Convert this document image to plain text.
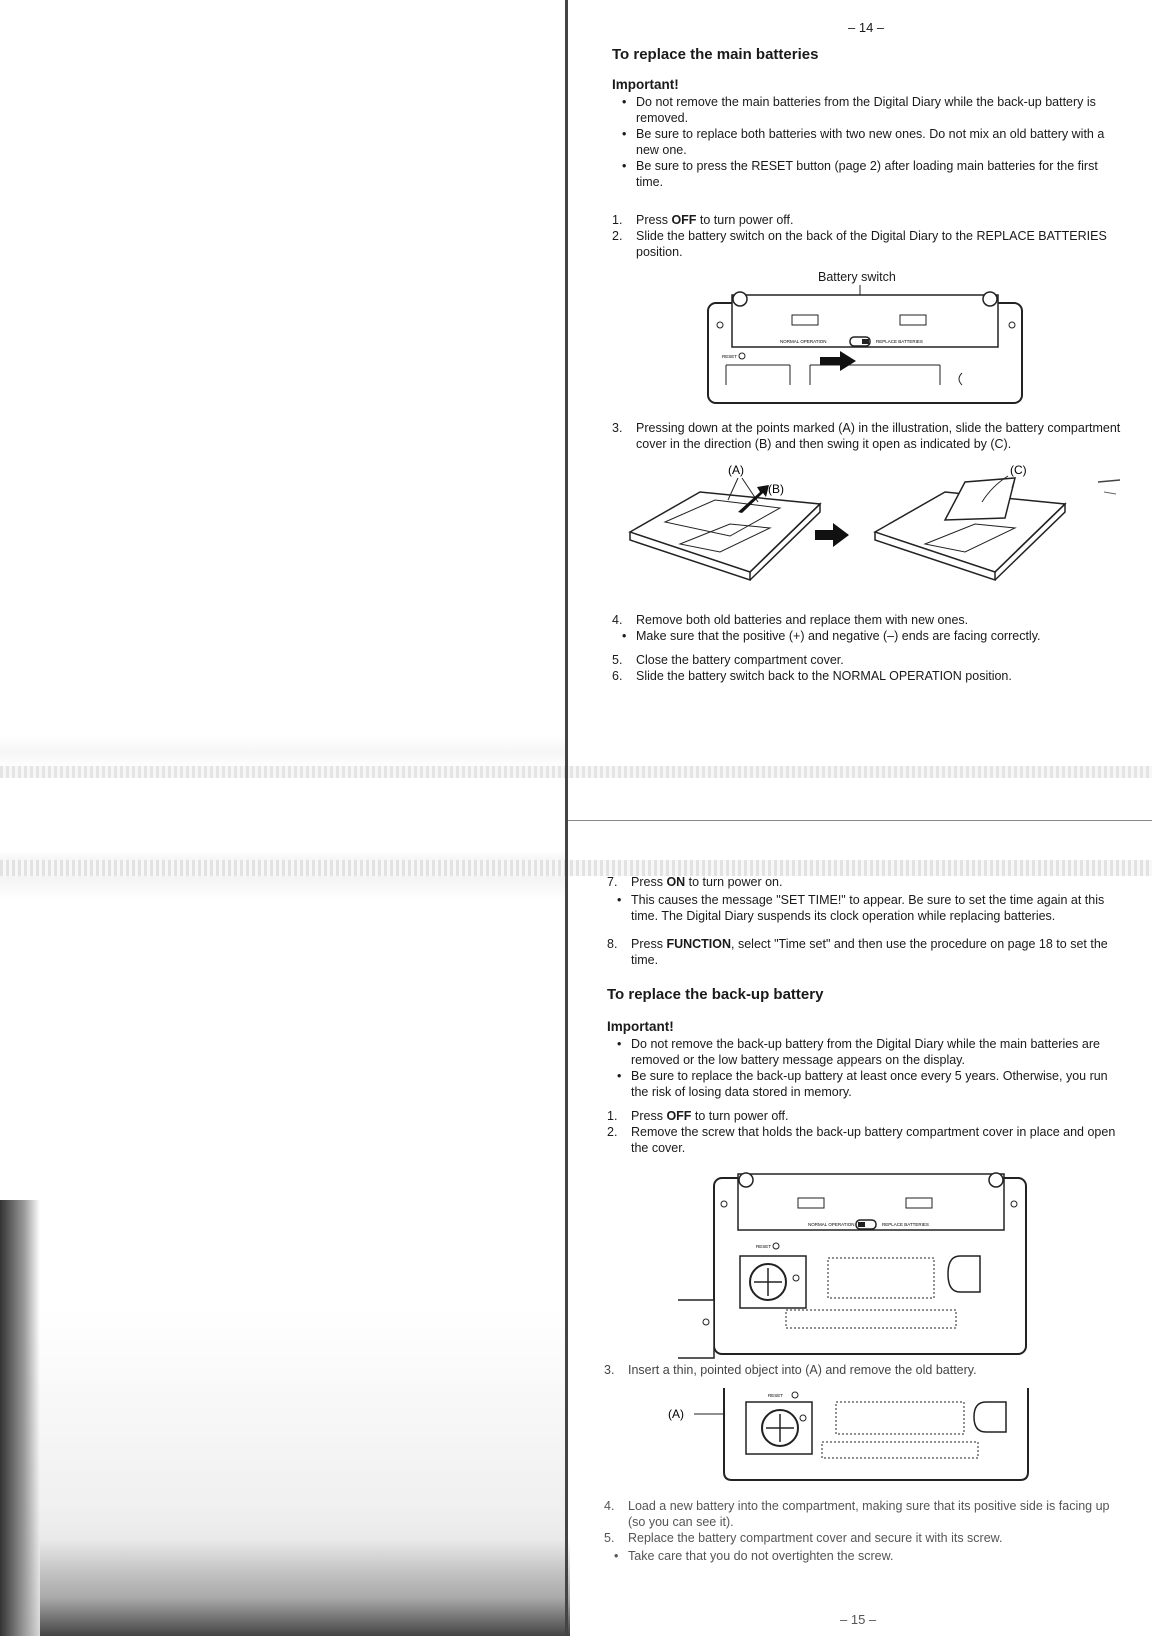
– 14 –
To replace the main batteries
Important!
• Do not remove the main batteries from the Digital Diary while the back-up battery is removed.
• Be sure to replace both batteries with two new ones. Do not mix an old battery with a new one.
• Be sure to press the RESET button (page 2) after loading main batteries for the first time.
1. Press OFF to turn power off.
2. Slide the battery switch on the back of the Digital Diary to the REPLACE BATTERIES position.
Battery switch
NORMAL OPERATION	REPLACE BATTERIES
RESET
3. Pressing down at the points marked (A) in the illustration, slide the battery compartment cover in the direction (B) and then swing it open as indicated by (C).
(A)
(B)
(C)
4. Remove both old batteries and replace them with new ones.
• Make sure that the positive (+) and negative (–) ends are facing correctly.
5. Close the battery compartment cover.
6. Slide the battery switch back to the NORMAL OPERATION position.
7. Press ON to turn power on.
• This causes the message "SET TIME!" to appear. Be sure to set the time again at this time. The Digital Diary suspends its clock operation while replacing batteries.
8. Press FUNCTION, select "Time set" and then use the procedure on page 18 to set the time.
To replace the back-up battery
Important!
• Do not remove the back-up battery from the Digital Diary while the main batteries are removed or the low battery message appears on the display.
• Be sure to replace the back-up battery at least once every 5 years. Otherwise, you run the risk of losing data stored in memory.
1. Press OFF to turn power off.
2. Remove the screw that holds the back-up battery compartment cover in place and open the cover.
NORMAL OPERATION	REPLACE BATTERIES
RESET
3. Insert a thin, pointed object into (A) and remove the old battery.
(A)
RESET
4. Load a new battery into the compartment, making sure that its positive side is facing up (so you can see it).
5. Replace the battery compartment cover and secure it with its screw.
• Take care that you do not overtighten the screw.
– 15 –
